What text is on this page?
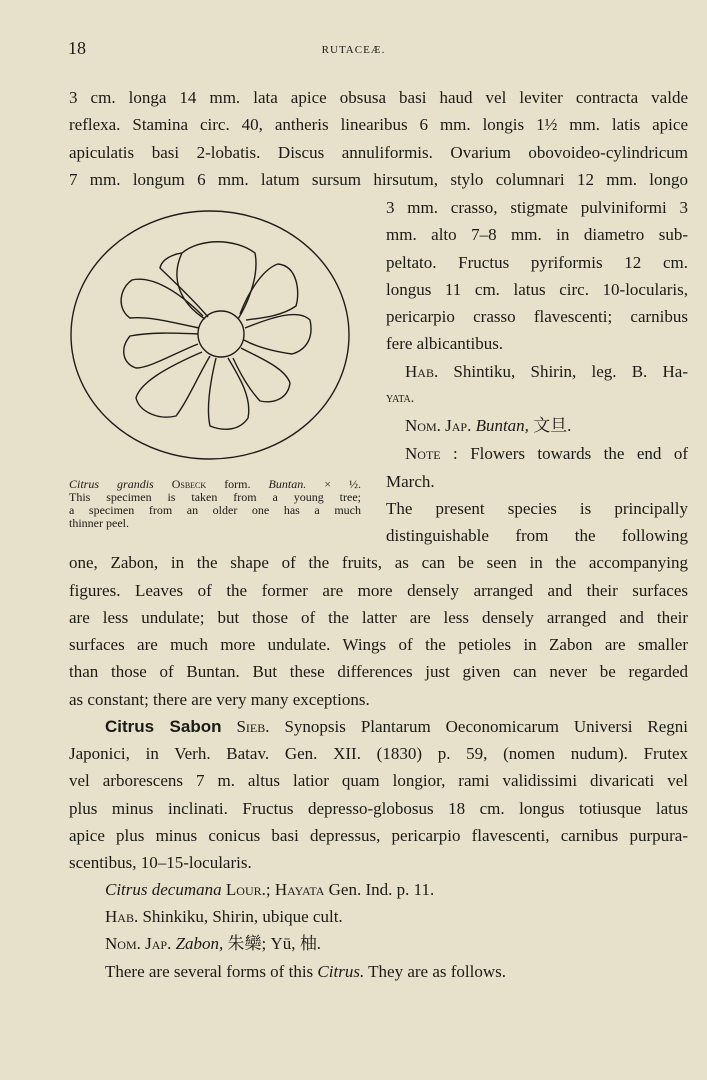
18	RUTACEÆ.
3 cm. longa 14 mm. lata apice obsusa basi haud vel leviter contracta valde
reflexa. Stamina circ. 40, antheris linearibus 6 mm. longis 1½ mm. latis apice
apiculatis basi 2-lobatis. Discus annuliformis. Ovarium obovoideo-cylindricum
7 mm. longum 6 mm. latum sursum hirsutum, stylo columnari 12 mm. longo
3 mm. crasso, stigmate pulviniformi 3
mm. alto 7–8 mm. in diametro sub-
peltato. Fructus pyriformis 12 cm.
longus 11 cm. latus circ. 10-locularis,
pericarpio crasso flavescenti; carnibus
fere albicantibus.
Hab. Shintiku, Shirin, leg. B. Ha-
yata.
Nom. Jap. Buntan, 文旦.
Note : Flowers towards the end of
March.
The present species is principally
distinguishable from the following
Citrus grandis Osbeck form. Buntan. × ½.
This specimen is taken from a young tree;
a specimen from an older one has a much
thinner peel.
one, Zabon, in the shape of the fruits, as can be seen in the accompanying
figures. Leaves of the former are more densely arranged and their surfaces
are less undulate; but those of the latter are less densely arranged and their
surfaces are much more undulate. Wings of the petioles in Zabon are smaller
than those of Buntan. But these differences just given can never be regarded
as constant; there are very many exceptions.
Citrus Sabon Sieb. Synopsis Plantarum Oeconomicarum Universi Regni
Japonici, in Verh. Batav. Gen. XII. (1830) p. 59, (nomen nudum). Frutex
vel arborescens 7 m. altus latior quam longior, rami validissimi divaricati vel
plus minus inclinati. Fructus depresso-globosus 18 cm. longus totiusque latus
apice plus minus conicus basi depressus, pericarpio flavescenti, carnibus purpura-
scentibus, 10–15-locularis.
Citrus decumana Lour.; Hayata Gen. Ind. p. 11.
Hab. Shinkiku, Shirin, ubique cult.
Nom. Jap. Zabon, 朱欒; Yū, 柚.
There are several forms of this Citrus. They are as follows.
